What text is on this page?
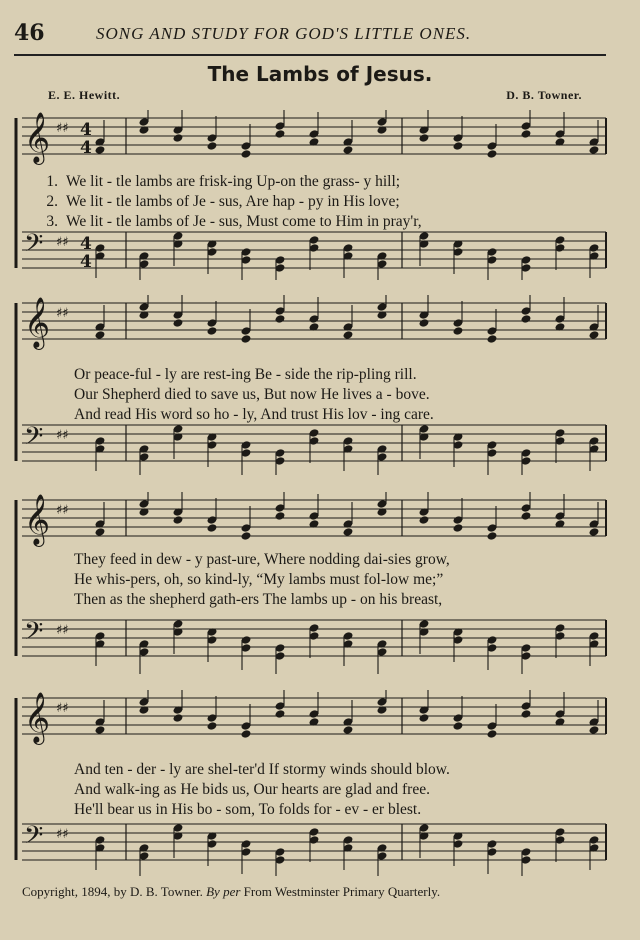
46	SONG AND STUDY FOR GOD'S LITTLE ONES.
The Lambs of Jesus.
E. E. Hewitt.	D. B. Towner.
𝄞 ♯♯ 4
4
𝄢 ♯♯ 4
4
1. We lit - tle lambs are frisk-ing Up-on the grass- y hill;
2. We lit - tle lambs of Je - sus, Are hap - py in His love;
3. We lit - tle lambs of Je - sus, Must come to Him in pray'r,
𝄞 ♯♯
𝄢 ♯♯
Or peace-ful - ly are rest-ing Be - side the rip-pling rill.
Our Shepherd died to save us, But now He lives a - bove.
And read His word so ho - ly, And trust His lov - ing care.
𝄞 ♯♯
𝄢 ♯♯
They feed in dew - y past-ure, Where nodding dai-sies grow,
He whis-pers, oh, so kind-ly, “My lambs must fol-low me;”
Then as the shepherd gath-ers The lambs up - on his breast,
𝄞 ♯♯
𝄢 ♯♯
And ten - der - ly are shel-ter'd If stormy winds should blow.
And walk-ing as He bids us, Our hearts are glad and free.
He'll bear us in His bo - som, To folds for - ev - er blest.
Copyright, 1894, by D. B. Towner. By per From Westminster Primary Quarterly.
